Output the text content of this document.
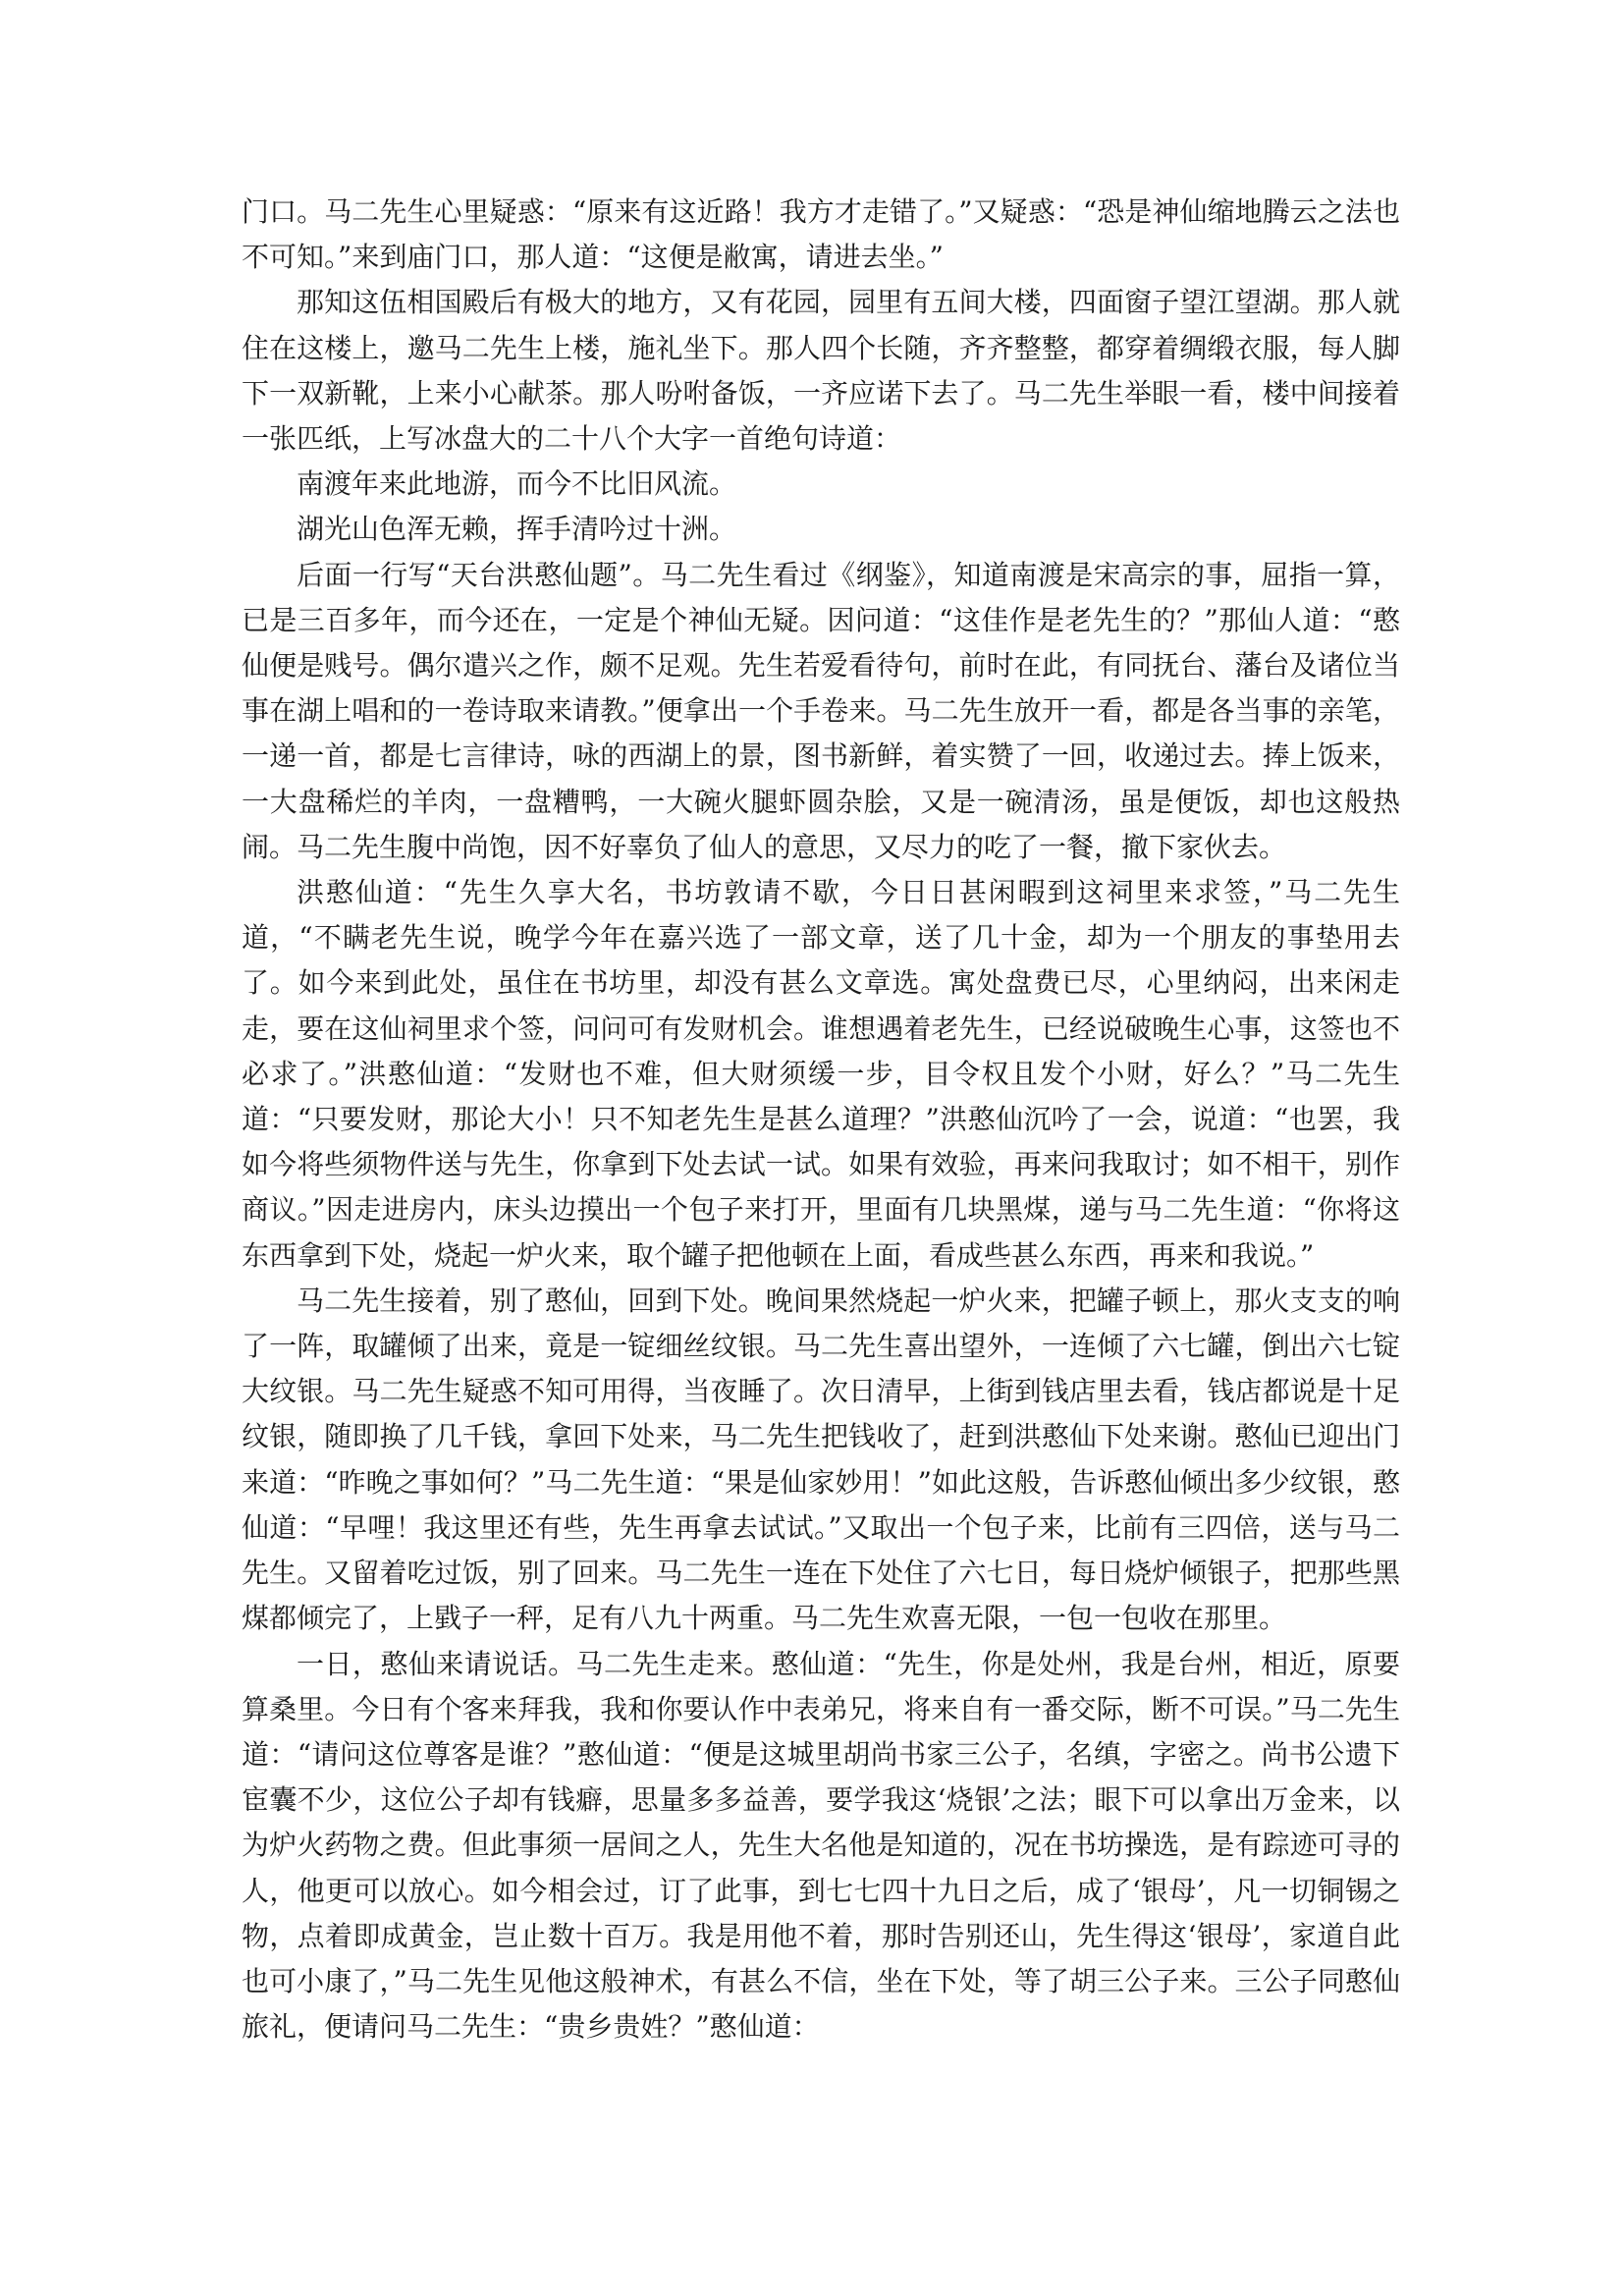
门口。马二先生心里疑惑：“原来有这近路！我方才走错了。”又疑惑：“恐是神仙缩地腾云之法也不可知。”来到庙门口，那人道：“这便是敝寓，请进去坐。”

那知这伍相国殿后有极大的地方，又有花园，园里有五间大楼，四面窗子望江望湖。那人就住在这楼上，邀马二先生上楼，施礼坐下。那人四个长随，齐齐整整，都穿着绸缎衣服，每人脚下一双新靴，上来小心献茶。那人吩咐备饭，一齐应诺下去了。马二先生举眼一看，楼中间接着一张匹纸，上写冰盘大的二十八个大字一首绝句诗道：

南渡年来此地游，而今不比旧风流。

湖光山色浑无赖，挥手清吟过十洲。

后面一行写“天台洪憨仙题”。马二先生看过《纲鉴》，知道南渡是宋高宗的事，屈指一算，已是三百多年，而今还在，一定是个神仙无疑。因问道：“这佳作是老先生的？”那仙人道：“憨仙便是贱号。偶尔遣兴之作，颇不足观。先生若爱看待句，前时在此，有同抚台、藩台及诸位当事在湖上唱和的一卷诗取来请教。”便拿出一个手卷来。马二先生放开一看，都是各当事的亲笔，一递一首，都是七言律诗，咏的西湖上的景，图书新鲜，着实赞了一回，收递过去。捧上饭来，一大盘稀烂的羊肉，一盘糟鸭，一大碗火腿虾圆杂脍，又是一碗清汤，虽是便饭，却也这般热闹。马二先生腹中尚饱，因不好辜负了仙人的意思，又尽力的吃了一餐，撤下家伙去。

洪憨仙道：“先生久享大名，书坊敦请不歇，今日日甚闲暇到这祠里来求签，”马二先生道，“不瞒老先生说，晚学今年在嘉兴选了一部文章，送了几十金，却为一个朋友的事垫用去了。如今来到此处，虽住在书坊里，却没有甚么文章选。寓处盘费已尽，心里纳闷，出来闲走走，要在这仙祠里求个签，问问可有发财机会。谁想遇着老先生，已经说破晚生心事，这签也不必求了。”洪憨仙道：“发财也不难，但大财须缓一步，目令权且发个小财，好么？”马二先生道：“只要发财，那论大小！只不知老先生是甚么道理？”洪憨仙沉吟了一会，说道：“也罢，我如今将些须物件送与先生，你拿到下处去试一试。如果有效验，再来问我取讨；如不相干，别作商议。”因走进房内，床头边摸出一个包子来打开，里面有几块黑煤，递与马二先生道：“你将这东西拿到下处，烧起一炉火来，取个罐子把他顿在上面，看成些甚么东西，再来和我说。”

马二先生接着，别了憨仙，回到下处。晚间果然烧起一炉火来，把罐子顿上，那火支支的响了一阵，取罐倾了出来，竟是一锭细丝纹银。马二先生喜出望外，一连倾了六七罐，倒出六七锭大纹银。马二先生疑惑不知可用得，当夜睡了。次日清早，上街到钱店里去看，钱店都说是十足纹银，随即换了几千钱，拿回下处来，马二先生把钱收了，赶到洪憨仙下处来谢。憨仙已迎出门来道：“昨晚之事如何？”马二先生道：“果是仙家妙用！”如此这般，告诉憨仙倾出多少纹银，憨仙道：“早哩！我这里还有些，先生再拿去试试。”又取出一个包子来，比前有三四倍，送与马二先生。又留着吃过饭，别了回来。马二先生一连在下处住了六七日，每日烧炉倾银子，把那些黑煤都倾完了，上戥子一秤，足有八九十两重。马二先生欢喜无限，一包一包收在那里。

一日，憨仙来请说话。马二先生走来。憨仙道：“先生，你是处州，我是台州，相近，原要算桑里。今日有个客来拜我，我和你要认作中表弟兄，将来自有一番交际，断不可误。”马二先生道：“请问这位尊客是谁？”憨仙道：“便是这城里胡尚书家三公子，名缜，字密之。尚书公遗下宦囊不少，这位公子却有钱癖，思量多多益善，要学我这‘烧银’之法；眼下可以拿出万金来，以为炉火药物之费。但此事须一居间之人，先生大名他是知道的，况在书坊操选，是有踪迹可寻的人，他更可以放心。如今相会过，订了此事，到七七四十九日之后，成了‘银母’，凡一切铜锡之物，点着即成黄金，岂止数十百万。我是用他不着，那时告别还山，先生得这‘银母’，家道自此也可小康了，”马二先生见他这般神术，有甚么不信，坐在下处，等了胡三公子来。三公子同憨仙旅礼，便请问马二先生：“贵乡贵姓？”憨仙道：
